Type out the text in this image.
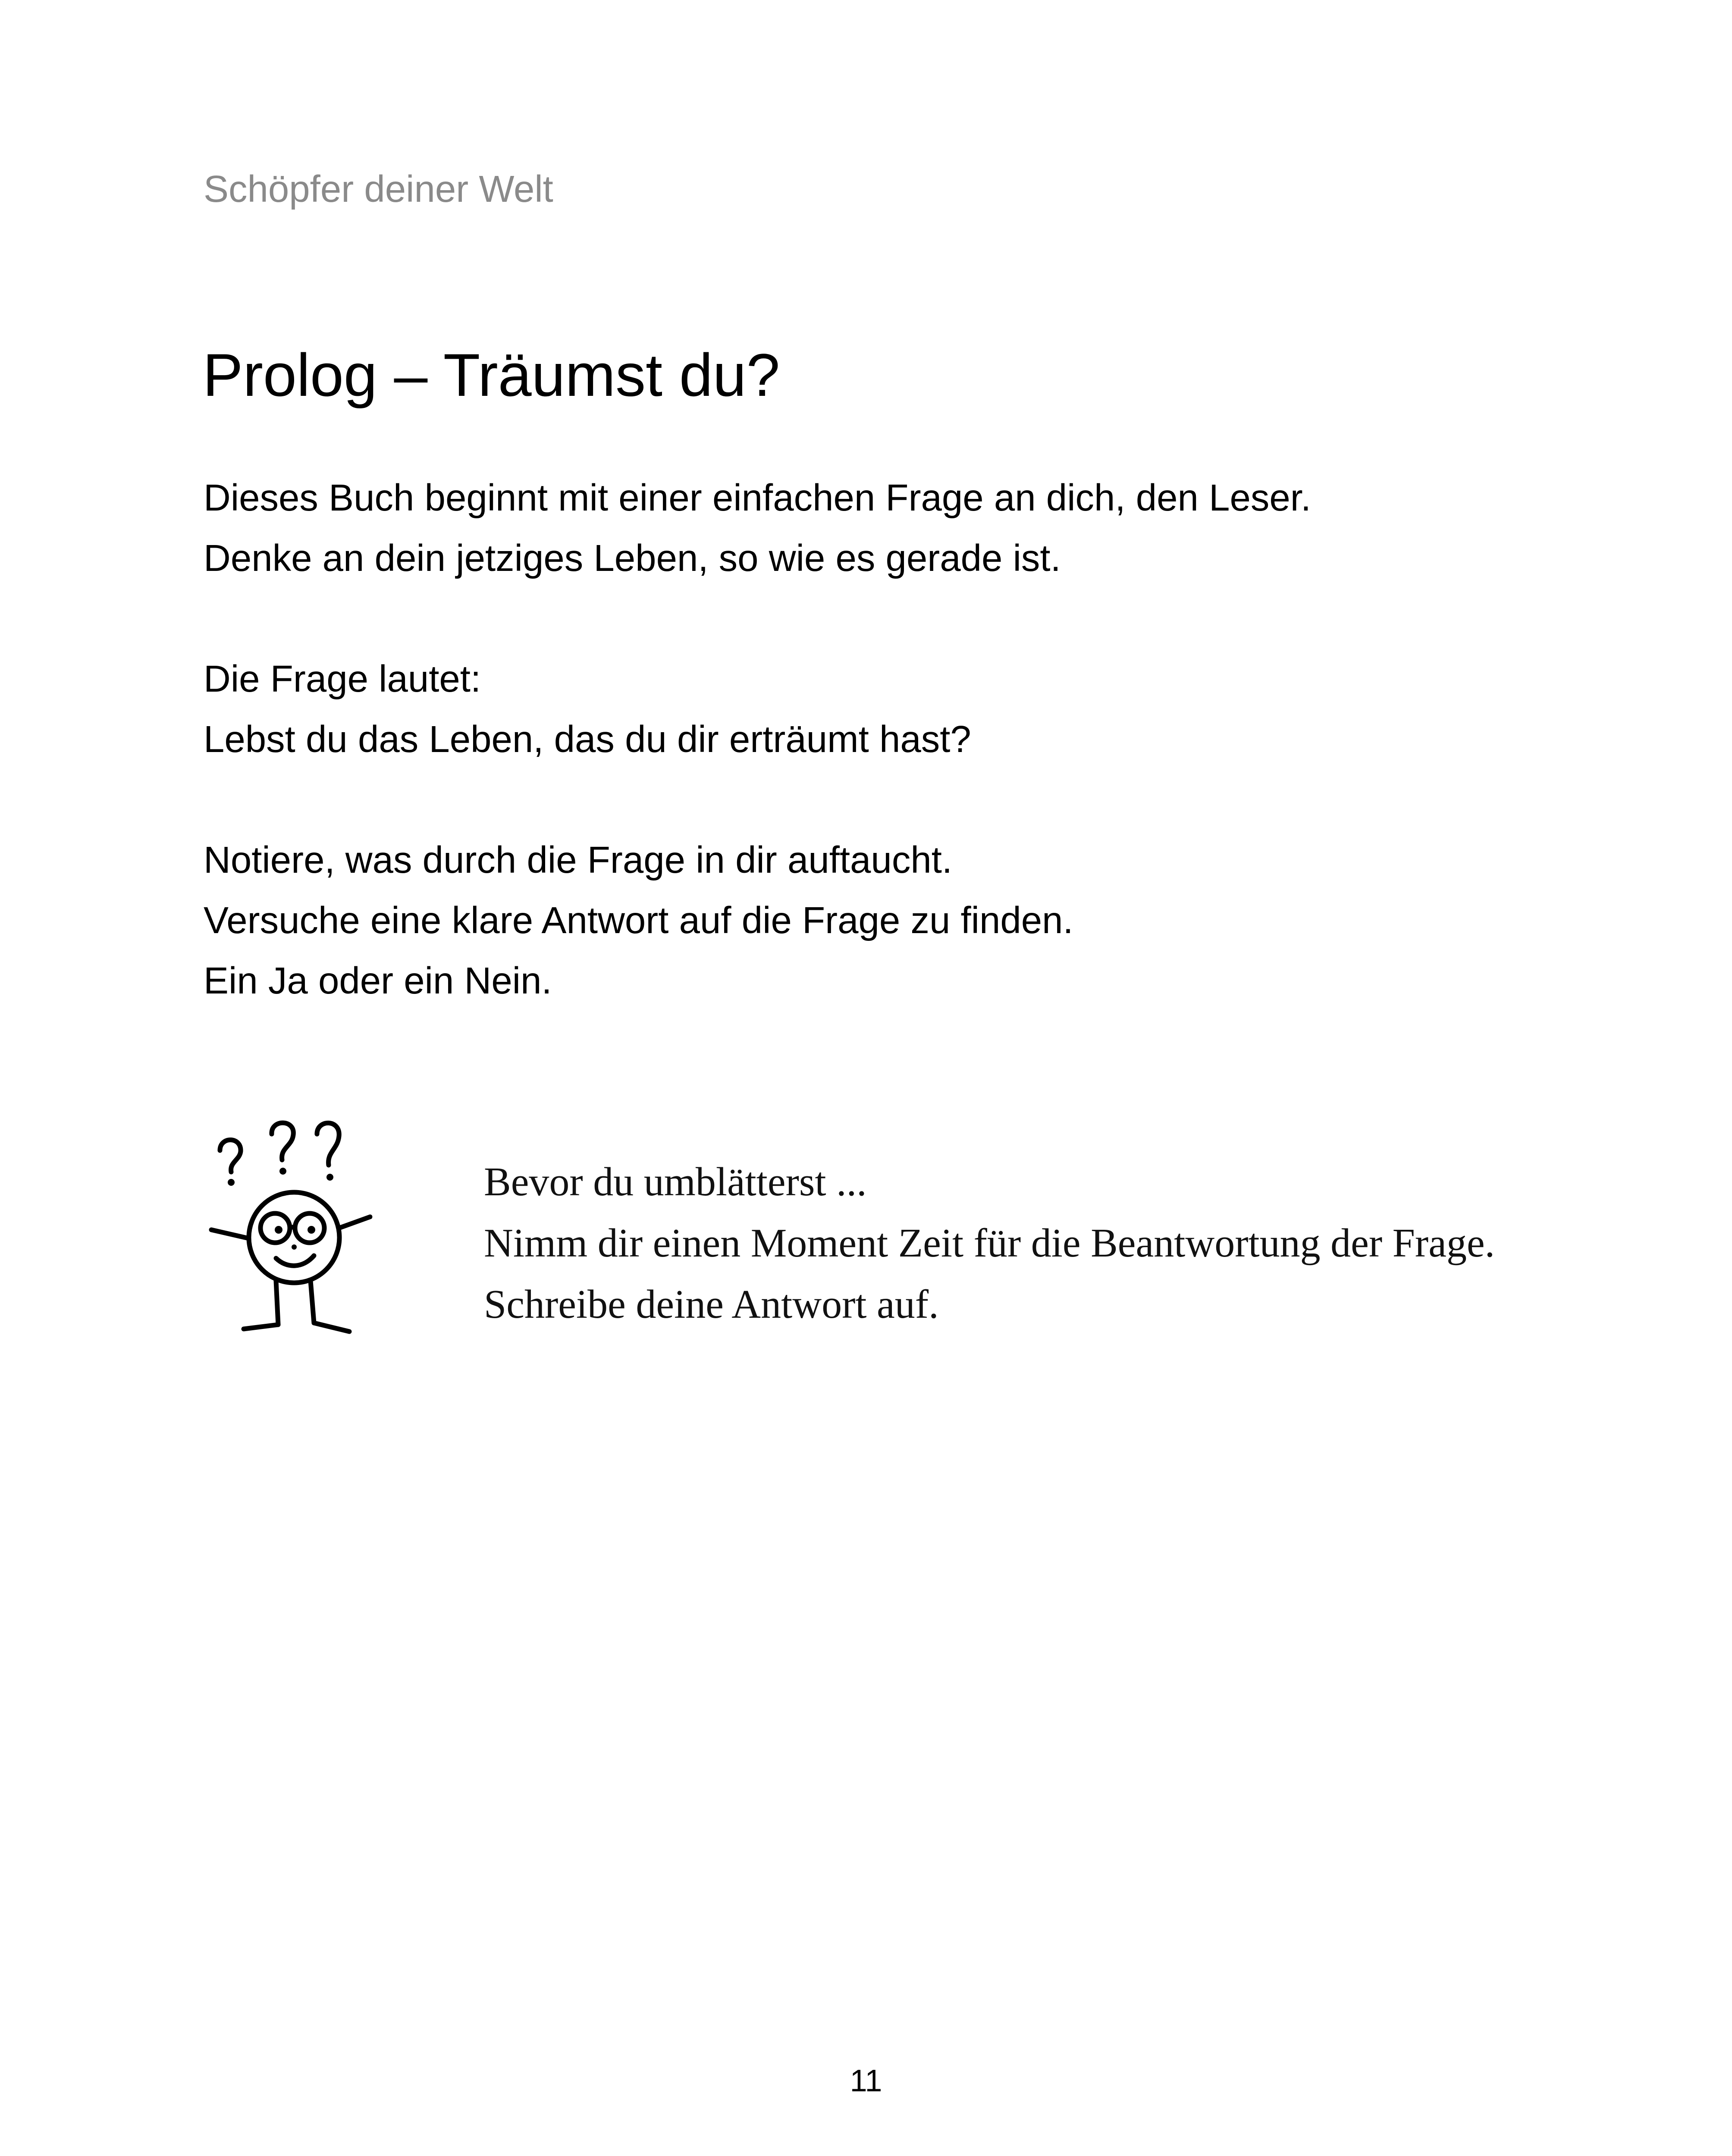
Schöpfer deiner Welt
Prolog – Träumst du?

Dieses Buch beginnt mit einer einfachen Frage an dich, den Leser.

Denke an dein jetziges Leben, so wie es gerade ist.

Die Frage lautet:

Lebst du das Leben, das du dir erträumt hast?

Notiere, was durch die Frage in dir auftaucht.

Versuche eine klare Antwort auf die Frage zu finden.

Ein Ja oder ein Nein.

Bevor du umblätterst ...

Nimm dir einen Moment Zeit für die Beantwortung der Frage.

Schreibe deine Antwort auf.

11
